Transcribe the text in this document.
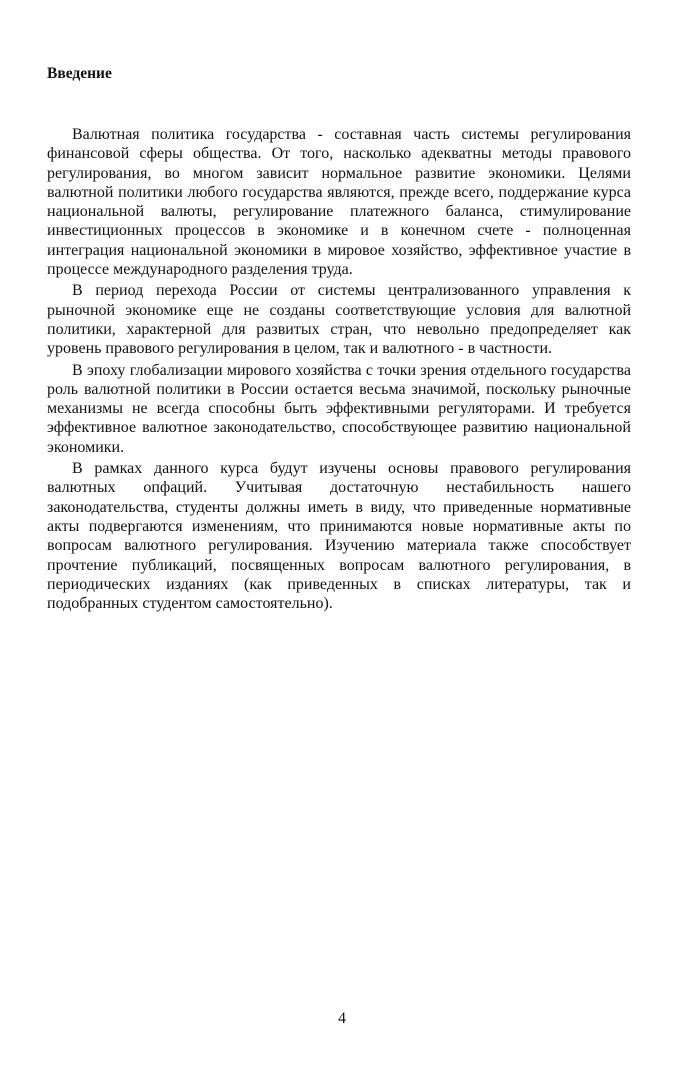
Введение

Валютная политика государства - составная часть системы регулирования финансовой сферы общества. От того, насколько адекватны методы правового регулирования, во многом зависит нормальное развитие экономики. Целями валютной политики любого государства являются, прежде всего, поддержание курса национальной валюты, регулирование платежного баланса, стимулирование инвестиционных процессов в экономике и в конечном счете - полноценная интеграция национальной экономики в мировое хозяйство, эффективное участие в процессе международного разделения труда.

В период перехода России от системы централизованного управления к рыночной экономике еще не созданы соответствующие условия для валютной политики, характерной для развитых стран, что невольно предопределяет как уровень правового регулирования в целом, так и валютного - в частности.

В эпоху глобализации мирового хозяйства с точки зрения отдельного государства роль валютной политики в России остается весьма значимой, поскольку рыночные механизмы не всегда способны быть эффективными регуляторами. И требуется эффективное валютное законодательство, способствующее развитию национальной экономики.

В рамках данного курса будут изучены основы правового регулирования валютных опфаций. Учитывая достаточную нестабильность нашего законодательства, студенты должны иметь в виду, что приведенные нормативные акты подвергаются изменениям, что принимаются новые нормативные акты по вопросам валютного регулирования. Изучению материала также способствует прочтение публикаций, посвященных вопросам валютного регулирования, в периодических изданиях (как приведенных в списках литературы, так и подобранных студентом самостоятельно).

4
